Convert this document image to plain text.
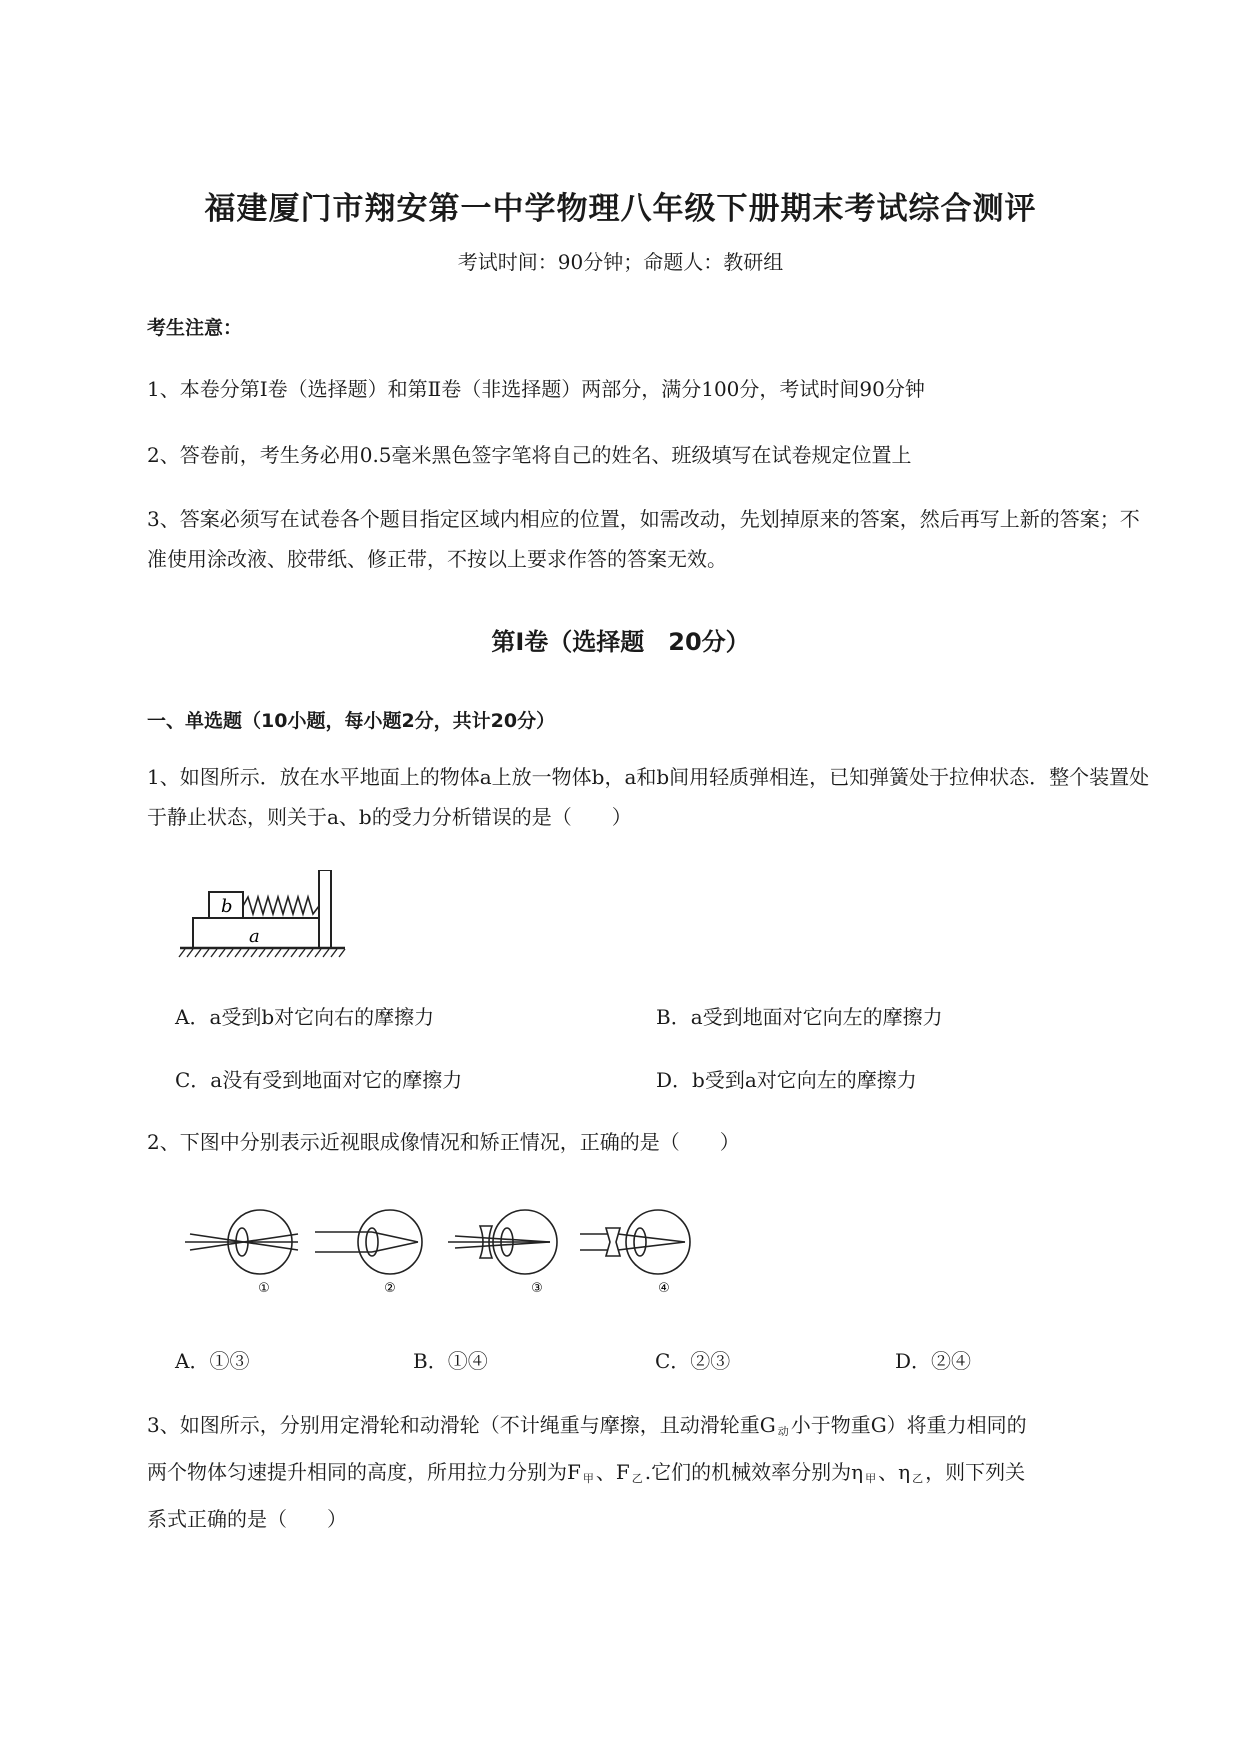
福建厦门市翔安第一中学物理八年级下册期末考试综合测评
考试时间：90分钟；命题人：教研组
考生注意：
1、本卷分第Ⅰ卷（选择题）和第Ⅱ卷（非选择题）两部分，满分100分，考试时间90分钟
2、答卷前，考生务必用0.5毫米黑色签字笔将自己的姓名、班级填写在试卷规定位置上
3、答案必须写在试卷各个题目指定区域内相应的位置，如需改动，先划掉原来的答案，然后再写上新的答案；不准使用涂改液、胶带纸、修正带，不按以上要求作答的答案无效。
第Ⅰ卷（选择题　20分）
一、单选题（10小题，每小题2分，共计20分）
1、如图所示．放在水平地面上的物体a上放一物体b，a和b间用轻质弹相连，已知弹簧处于拉伸状态．整个装置处于静止状态，则关于a、b的受力分析错误的是（　　）
b
a
A．a受到b对它向右的摩擦力	B．a受到地面对它向左的摩擦力
C．a没有受到地面对它的摩擦力	D．b受到a对它向左的摩擦力
2、下图中分别表示近视眼成像情况和矫正情况，正确的是（　　）
①	②	③	④
A．①③	B．①④	C．②③	D．②④
3、如图所示，分别用定滑轮和动滑轮（不计绳重与摩擦，且动滑轮重G $_动$ 小于物重G）将重力相同的
两个物体匀速提升相同的高度，所用拉力分别为F $_甲$ 、F $_乙$ .它们的机械效率分别为η $_甲$ 、η $_乙$ ，则下列关
系式正确的是（　　）
